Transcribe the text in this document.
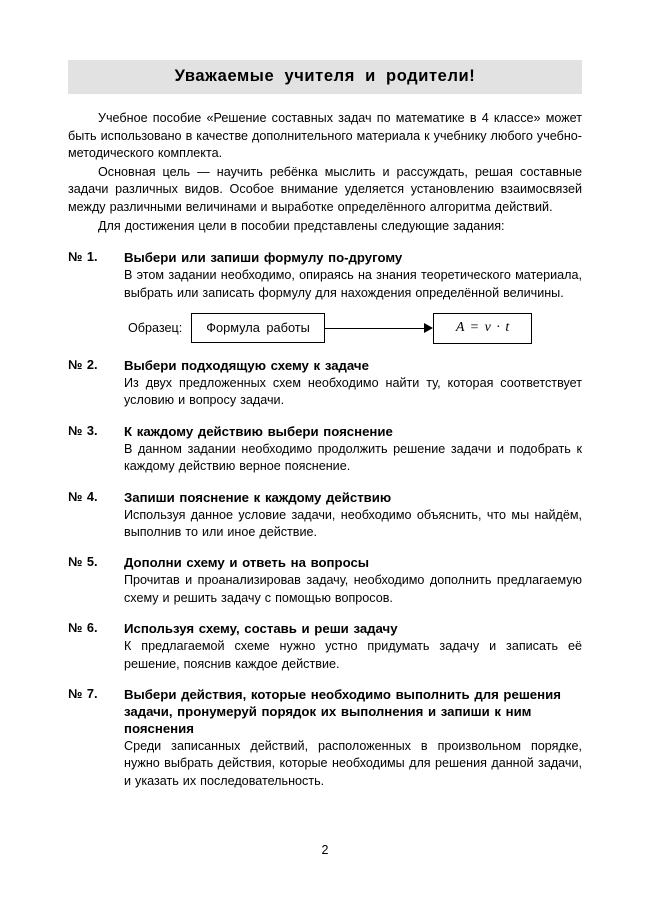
Уважаемые учителя и родители!

Учебное пособие «Решение составных задач по математике в 4 классе» может быть использовано в качестве дополнительного материала к учебнику любого учебно-методического комплекта.

Основная цель — научить ребёнка мыслить и рассуждать, решая составные задачи различных видов. Особое внимание уделяется установлению взаимосвязей между различными величинами и выработке определённого алгоритма действий.

Для достижения цели в пособии представлены следующие задания:

№ 1.	Выбери или запиши формулу по-другому
В этом задании необходимо, опираясь на знания теоретического материала, выбрать или записать формулу для нахождения определённой величины.
Образец:	Формула работы	A = v · t
№ 2.	Выбери подходящую схему к задаче
Из двух предложенных схем необходимо найти ту, которая соответствует условию и вопросу задачи.
№ 3.	К каждому действию выбери пояснение
В данном задании необходимо продолжить решение задачи и подобрать к каждому действию верное пояснение.
№ 4.	Запиши пояснение к каждому действию
Используя данное условие задачи, необходимо объяснить, что мы найдём, выполнив то или иное действие.
№ 5.	Дополни схему и ответь на вопросы
Прочитав и проанализировав задачу, необходимо дополнить предлагаемую схему и решить задачу с помощью вопросов.
№ 6.	Используя схему, составь и реши задачу
К предлагаемой схеме нужно устно придумать задачу и записать её решение, пояснив каждое действие.
№ 7.	Выбери действия, которые необходимо выполнить для решения задачи, пронумеруй порядок их выполнения и запиши к ним пояснения
Среди записанных действий, расположенных в произвольном порядке, нужно выбрать действия, которые необходимы для решения данной задачи, и указать их последовательность.
2
